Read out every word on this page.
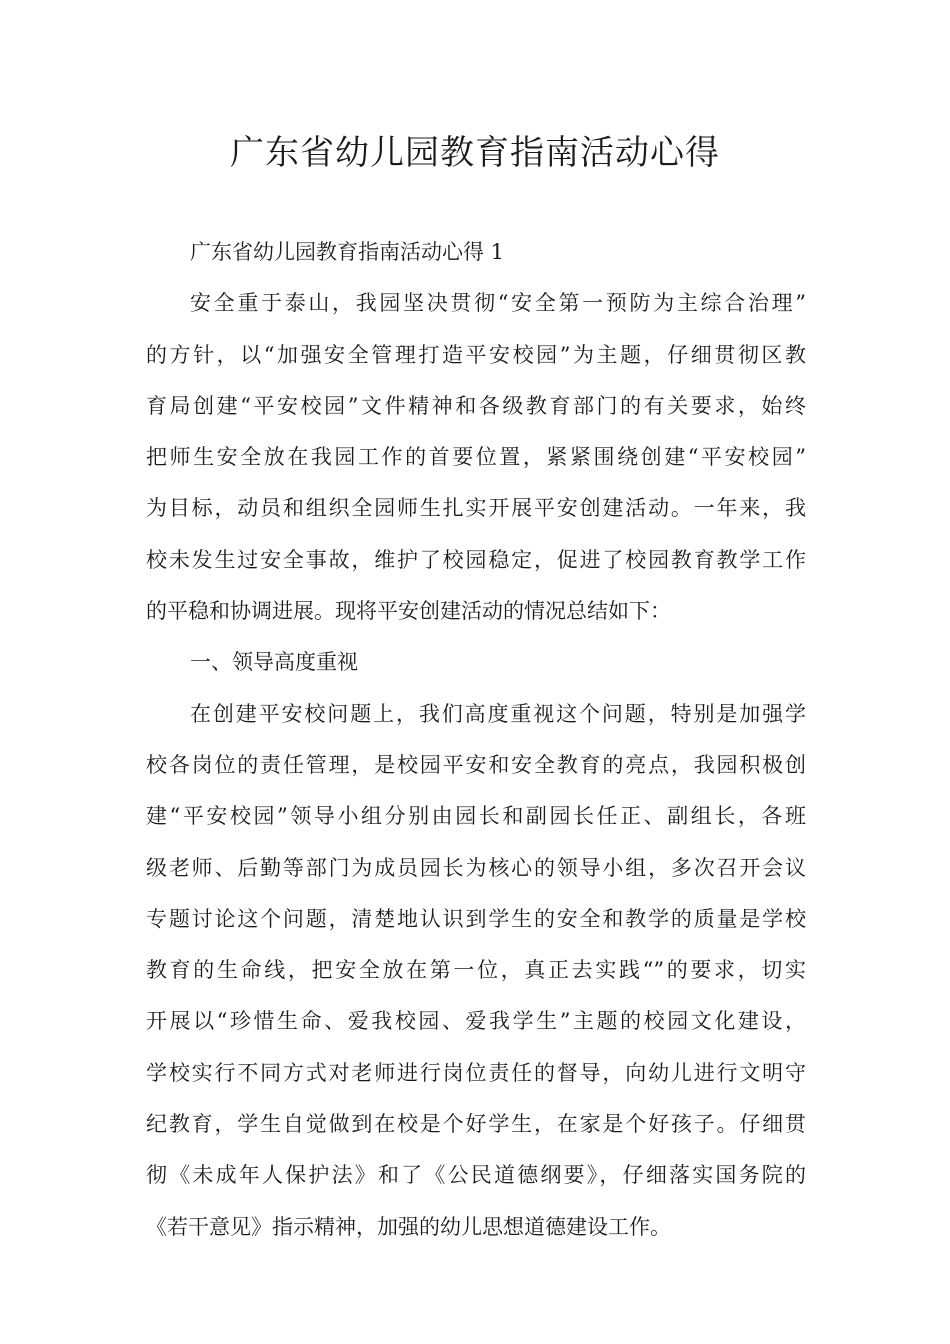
广东省幼儿园教育指南活动心得
广东省幼儿园教育指南活动心得 1
安全重于泰山，我园坚决贯彻“安全第一预防为主综合治理”
的方针，以“加强安全管理打造平安校园”为主题，仔细贯彻区教
育局创建“平安校园”文件精神和各级教育部门的有关要求，始终
把师生安全放在我园工作的首要位置，紧紧围绕创建“平安校园”
为目标，动员和组织全园师生扎实开展平安创建活动。一年来，我
校未发生过安全事故，维护了校园稳定，促进了校园教育教学工作
的平稳和协调进展。现将平安创建活动的情况总结如下：
一、领导高度重视
在创建平安校问题上，我们高度重视这个问题，特别是加强学
校各岗位的责任管理，是校园平安和安全教育的亮点，我园积极创
建“平安校园”领导小组分别由园长和副园长任正、副组长，各班
级老师、后勤等部门为成员园长为核心的领导小组，多次召开会议
专题讨论这个问题，清楚地认识到学生的安全和教学的质量是学校
教育的生命线，把安全放在第一位，真正去实践“”的要求，切实
开展以“珍惜生命、爱我校园、爱我学生”主题的校园文化建设，
学校实行不同方式对老师进行岗位责任的督导，向幼儿进行文明守
纪教育，学生自觉做到在校是个好学生，在家是个好孩子。仔细贯
彻《未成年人保护法》和了《公民道德纲要》，仔细落实国务院的
《若干意见》指示精神，加强的幼儿思想道德建设工作。
